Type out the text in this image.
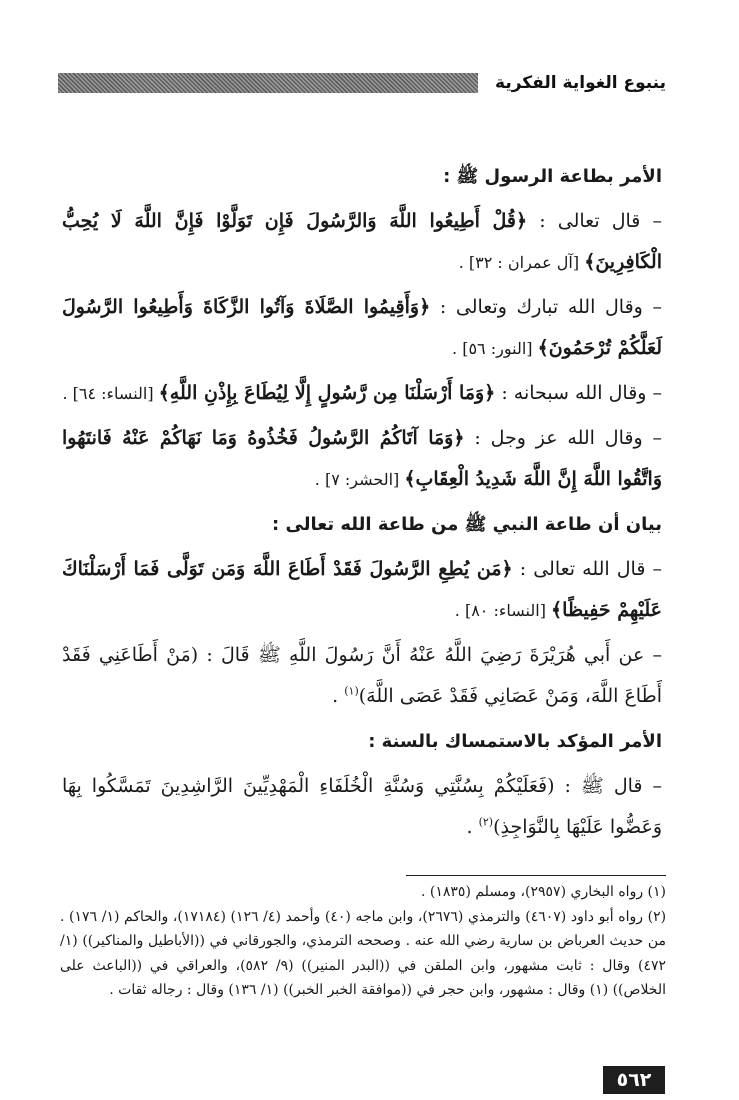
ينبوع الغواية الفكرية
الأمر بطاعة الرسول ﷺ :

– قال تعالى : ﴿قُلْ أَطِيعُوا اللَّهَ وَالرَّسُولَ فَإِن تَوَلَّوْا فَإِنَّ اللَّهَ لَا يُحِبُّ الْكَافِرِينَ﴾ [آل عمران : ٣٢] .

– وقال الله تبارك وتعالى : ﴿وَأَقِيمُوا الصَّلَاةَ وَآتُوا الزَّكَاةَ وَأَطِيعُوا الرَّسُولَ لَعَلَّكُمْ تُرْحَمُونَ﴾ [النور: ٥٦] .

– وقال الله سبحانه : ﴿وَمَا أَرْسَلْنَا مِن رَّسُولٍ إِلَّا لِيُطَاعَ بِإِذْنِ اللَّهِ﴾ [النساء: ٦٤] .

– وقال الله عز وجل : ﴿وَمَا آتَاكُمُ الرَّسُولُ فَخُذُوهُ وَمَا نَهَاكُمْ عَنْهُ فَانتَهُوا وَاتَّقُوا اللَّهَ إِنَّ اللَّهَ شَدِيدُ الْعِقَابِ﴾ [الحشر: ٧] .

بيان أن طاعة النبي ﷺ من طاعة الله تعالى :

– قال الله تعالى : ﴿مَن يُطِعِ الرَّسُولَ فَقَدْ أَطَاعَ اللَّهَ وَمَن تَوَلَّى فَمَا أَرْسَلْنَاكَ عَلَيْهِمْ حَفِيظًا﴾ [النساء: ٨٠] .

– عن أَبي هُرَيْرَةَ رَضِيَ اللَّهُ عَنْهُ أَنَّ رَسُولَ اللَّهِ ﷺ قَالَ : (مَنْ أَطَاعَنِي فَقَدْ أَطَاعَ اللَّهَ، وَمَنْ عَصَانِي فَقَدْ عَصَى اللَّهَ)$^{(١)}$ .

الأمر المؤكد بالاستمساك بالسنة :

– قال ﷺ : (فَعَلَيْكُمْ بِسُنَّتِي وَسُنَّةِ الْخُلَفَاءِ الْمَهْدِيِّينَ الرَّاشِدِينَ تَمَسَّكُوا بِهَا وَعَضُّوا عَلَيْهَا بِالنَّوَاجِذِ)$^{(٢)}$ .

(١) رواه البخاري (٢٩٥٧)، ومسلم (١٨٣٥) .

(٢) رواه أبو داود (٤٦٠٧) والترمذي (٢٦٧٦)، وابن ماجه (٤٠) وأحمد (٤/ ١٢٦) (١٧١٨٤)، والحاكم (١/ ١٧٦) . من حديث العرباض بن سارية رضي الله عنه . وصححه الترمذي، والجورقاني في ((الأباطيل والمناكير)) (١/ ٤٧٢) وقال : ثابت مشهور، وابن الملقن في ((البدر المنير)) (٩/ ٥٨٢)، والعراقي في ((الباعث على الخلاص)) (١) وقال : مشهور، وابن حجر في ((موافقة الخبر الخبر)) (١/ ١٣٦) وقال : رجاله ثقات .

٥٦٢
